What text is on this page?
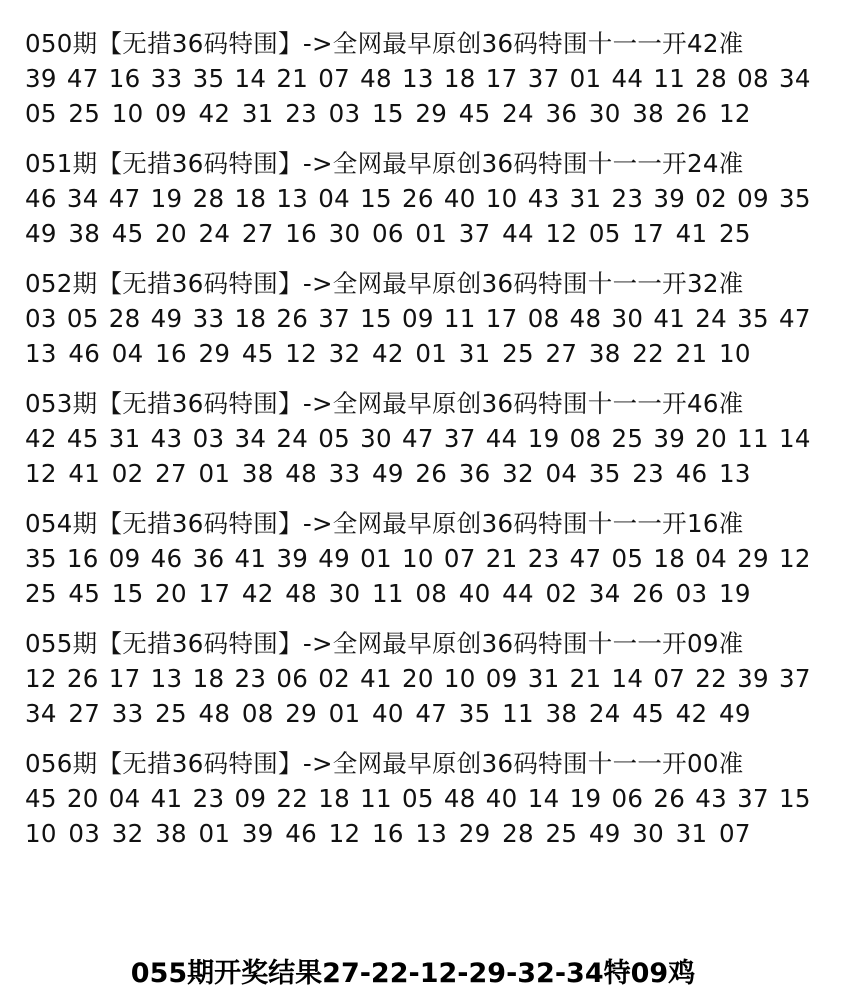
050期【无措36码特围】->全网最早原创36码特围十一一开42准
39 47 16 33 35 14 21 07 48 13 18 17 37 01 44 11 28 08 34
05 25 10 09 42 31 23 03 15 29 45 24 36 30 38 26 12
051期【无措36码特围】->全网最早原创36码特围十一一开24准
46 34 47 19 28 18 13 04 15 26 40 10 43 31 23 39 02 09 35
49 38 45 20 24 27 16 30 06 01 37 44 12 05 17 41 25
052期【无措36码特围】->全网最早原创36码特围十一一开32准
03 05 28 49 33 18 26 37 15 09 11 17 08 48 30 41 24 35 47
13 46 04 16 29 45 12 32 42 01 31 25 27 38 22 21 10
053期【无措36码特围】->全网最早原创36码特围十一一开46准
42 45 31 43 03 34 24 05 30 47 37 44 19 08 25 39 20 11 14
12 41 02 27 01 38 48 33 49 26 36 32 04 35 23 46 13
054期【无措36码特围】->全网最早原创36码特围十一一开16准
35 16 09 46 36 41 39 49 01 10 07 21 23 47 05 18 04 29 12
25 45 15 20 17 42 48 30 11 08 40 44 02 34 26 03 19
055期【无措36码特围】->全网最早原创36码特围十一一开09准
12 26 17 13 18 23 06 02 41 20 10 09 31 21 14 07 22 39 37
34 27 33 25 48 08 29 01 40 47 35 11 38 24 45 42 49
056期【无措36码特围】->全网最早原创36码特围十一一开00准
45 20 04 41 23 09 22 18 11 05 48 40 14 19 06 26 43 37 15
10 03 32 38 01 39 46 12 16 13 29 28 25 49 30 31 07
055期开奖结果27-22-12-29-32-34特09鸡
